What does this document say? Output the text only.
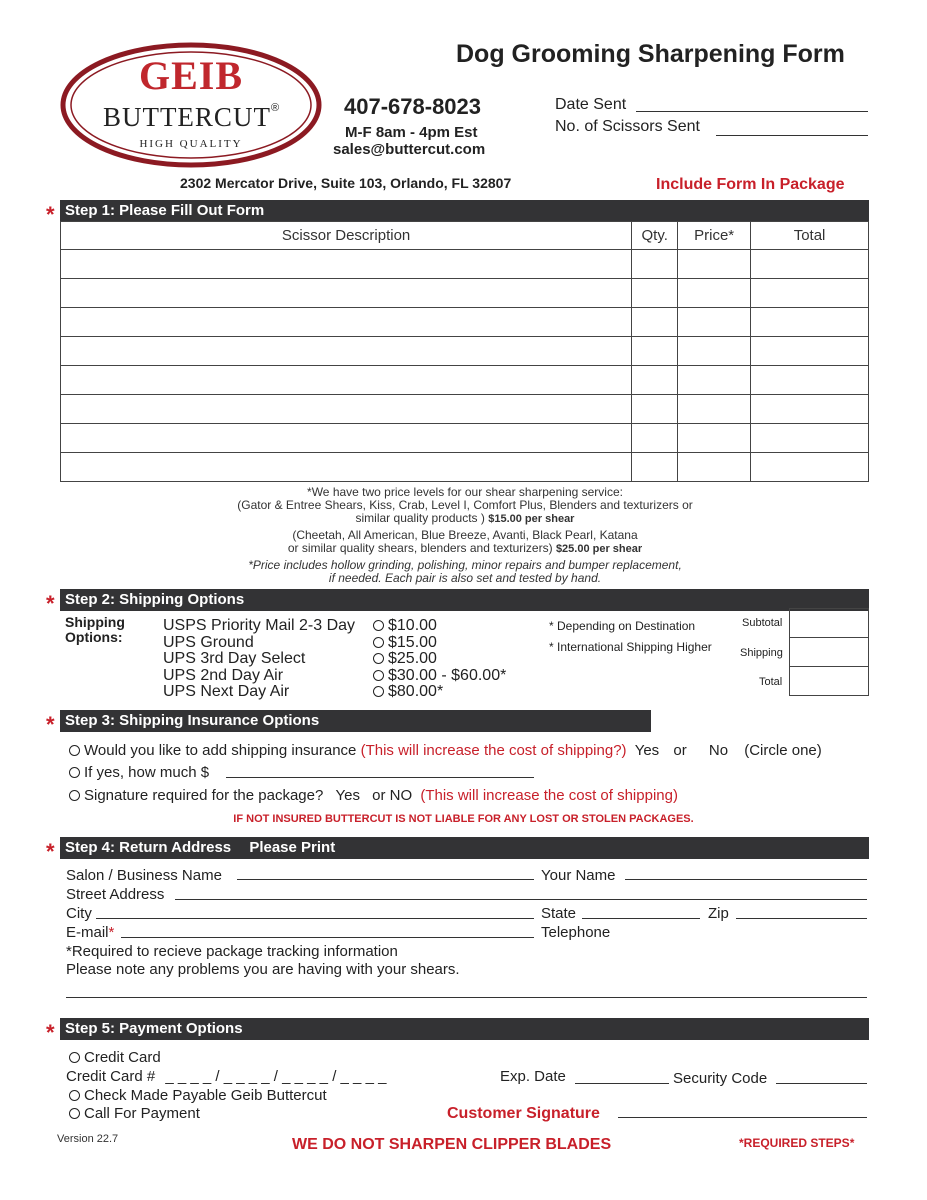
GEIB
BUTTERCUT®
HIGH QUALITY
Dog Grooming Sharpening Form
407-678-8023
M-F 8am - 4pm Est
sales@buttercut.com
Date Sent
No. of Scissors Sent
2302 Mercator Drive, Suite 103, Orlando, FL 32807	Include Form In Package
* Step 1: Please Fill Out Form
Scissor Description	Qty.	Price*	Total

*We have two price levels for our shear sharpening service:
(Gator & Entree Shears, Kiss, Crab, Level I, Comfort Plus, Blenders and texturizers or
similar quality products ) $15.00 per shear
(Cheetah, All American, Blue Breeze, Avanti, Black Pearl, Katana
or similar quality shears, blenders and texturizers) $25.00 per shear
*Price includes hollow grinding, polishing, minor repairs and bumper replacement,
if needed. Each pair is also set and tested by hand.
* Step 2: Shipping Options
Shipping
Options:
USPS Priority Mail 2-3 Day	$10.00
UPS Ground	$15.00
UPS 3rd Day Select	$25.00
UPS 2nd Day Air	$30.00 - $60.00*
UPS Next Day Air	$80.00*
* Depending on Destination
* International Shipping Higher
Subtotal
Shipping
Total
* Step 3: Shipping Insurance Options
Would you like to add shipping insurance (This will increase the cost of shipping?) Yes or No (Circle one)
If yes, how much $
Signature required for the package? Yes or NO (This will increase the cost of shipping)
IF NOT INSURED BUTTERCUT IS NOT LIABLE FOR ANY LOST OR STOLEN PACKAGES.
* Step 4: Return Address Please Print
Salon / Business Name	Your Name
Street Address
City	State	Zip
E-mail*	Telephone
*Required to recieve package tracking information
Please note any problems you are having with your shears.
* Step 5: Payment Options
Credit Card
Credit Card # _ _ _ _ / _ _ _ _ / _ _ _ _ / _ _ _ _	Exp. Date	Security Code
Check Made Payable Geib Buttercut
Call For Payment	Customer Signature
Version 22.7	WE DO NOT SHARPEN CLIPPER BLADES	*REQUIRED STEPS*
